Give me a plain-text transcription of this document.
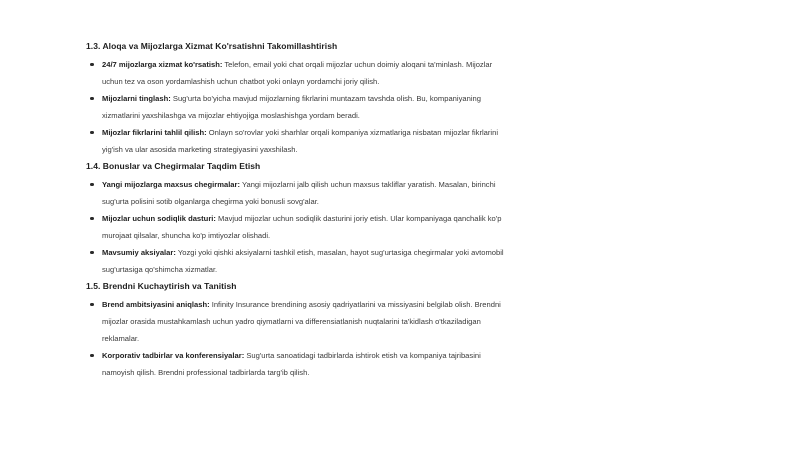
1.3. Aloqa va Mijozlarga Xizmat Ko'rsatishni Takomillashtirish
24/7 mijozlarga xizmat ko'rsatish: Telefon, email yoki chat orqali mijozlar uchun doimiy aloqani ta'minlash. Mijozlar uchun tez va oson yordamlashish uchun chatbot yoki onlayn yordamchi joriy qilish.
Mijozlarni tinglash: Sug'urta bo'yicha mavjud mijozlarning fikrlarini muntazam tavshda olish. Bu, kompaniyaning xizmatlarini yaxshilashga va mijozlar ehtiyojiga moslashishga yordam beradi.
Mijozlar fikrlarini tahlil qilish: Onlayn so'rovlar yoki sharhlar orqali kompaniya xizmatlariga nisbatan mijozlar fikrlarini yig'ish va ular asosida marketing strategiyasini yaxshilash.
1.4. Bonuslar va Chegirmalar Taqdim Etish
Yangi mijozlarga maxsus chegirmalar: Yangi mijozlarni jalb qilish uchun maxsus takliflar yaratish. Masalan, birinchi sug'urta polisini sotib olganlarga chegirma yoki bonusli sovg'alar.
Mijozlar uchun sodiqlik dasturi: Mavjud mijozlar uchun sodiqlik dasturini joriy etish. Ular kompaniyaga qanchalik ko'p murojaat qilsalar, shuncha ko'p imtiyozlar olishadi.
Mavsumiy aksiyalar: Yozgi yoki qishki aksiyalarni tashkil etish, masalan, hayot sug'urtasiga chegirmalar yoki avtomobil sug'urtasiga qo'shimcha xizmatlar.
1.5. Brendni Kuchaytirish va Tanitish
Brend ambitsiyasini aniqlash: Infinity Insurance brendining asosiy qadriyatlarini va missiyasini belgilab olish. Brendni mijozlar orasida mustahkamlash uchun yadro qiymatlarni va differensiatlanish nuqtalarini ta'kidlash o'tkaziladigan reklamalar.
Korporativ tadbirlar va konferensiyalar: Sug'urta sanoatidagi tadbirlarda ishtirok etish va kompaniya tajribasini namoyish qilish. Brendni professional tadbirlarda targ'ib qilish.
